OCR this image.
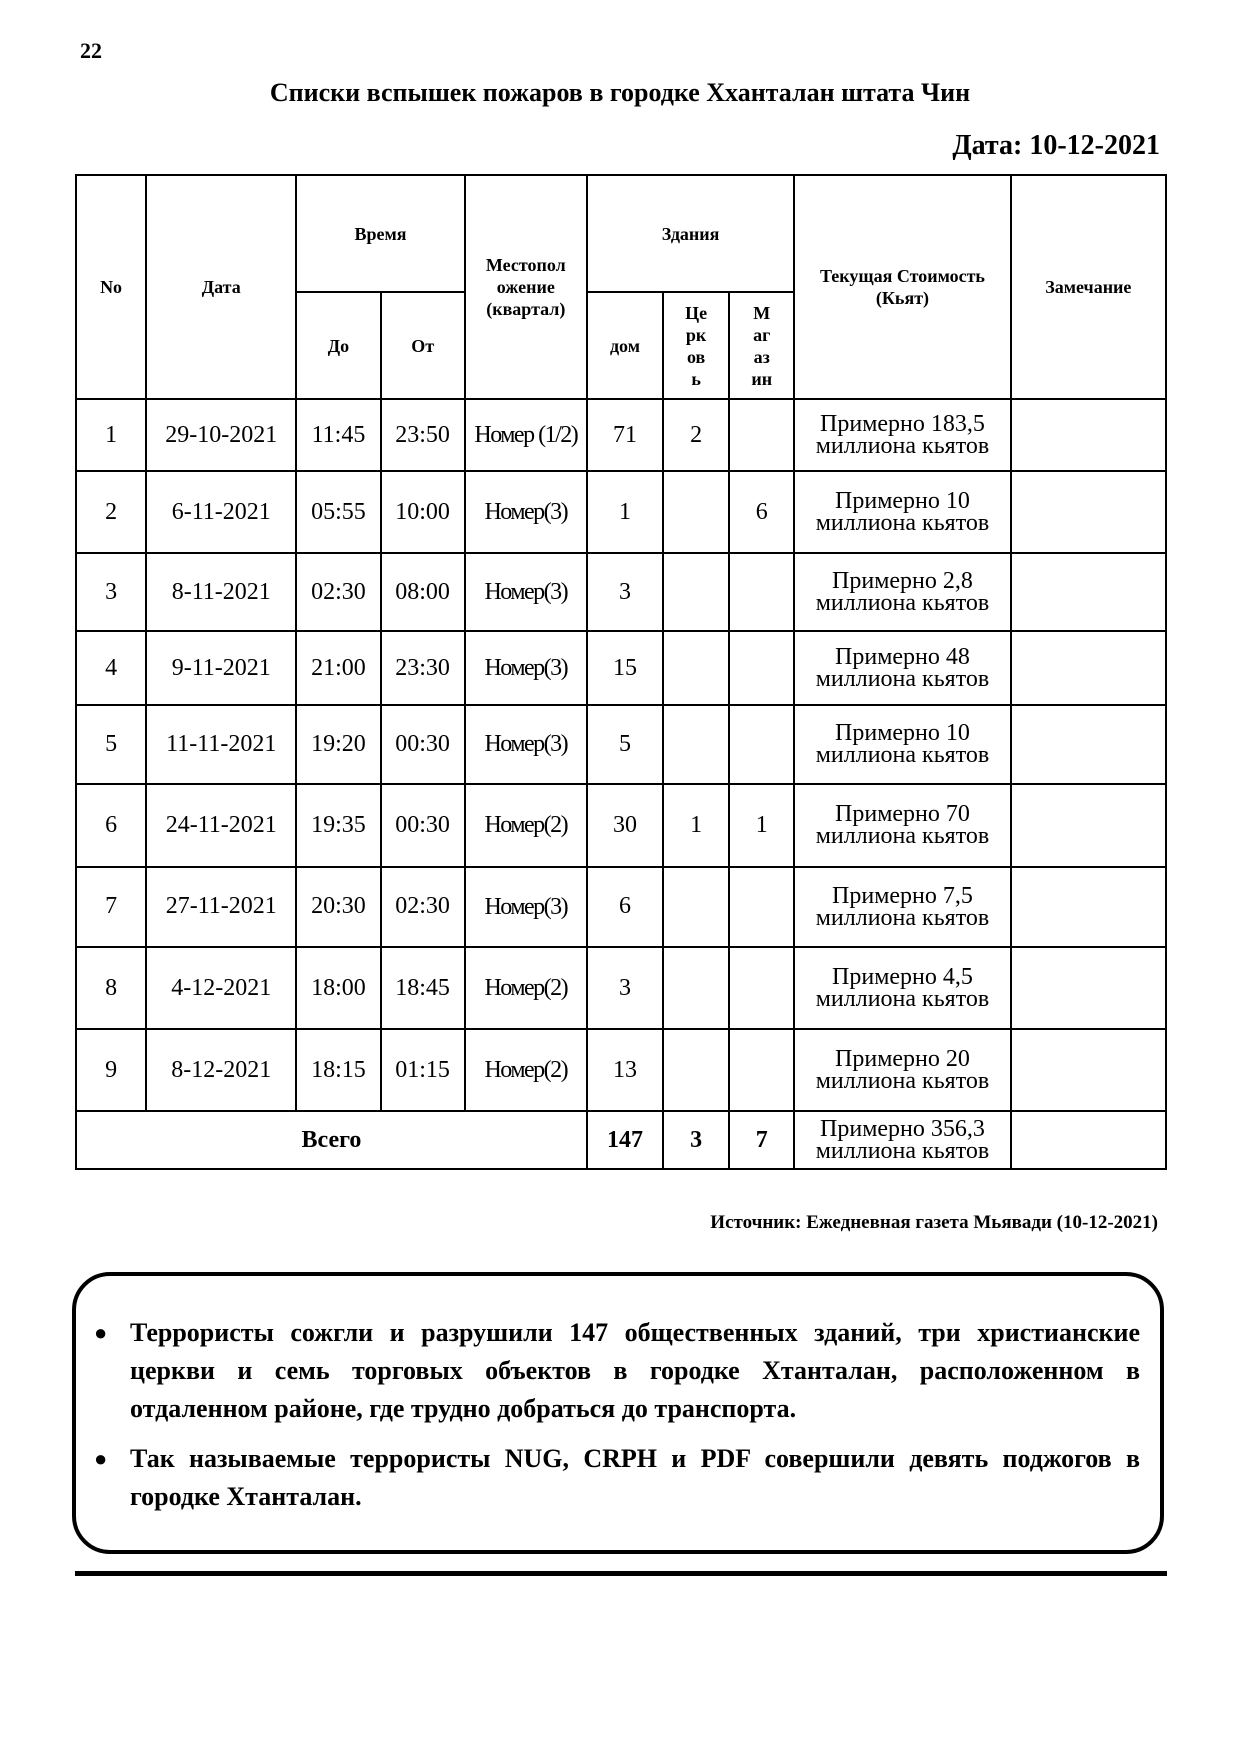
22
Списки вспышек пожаров в городке Хханталан штата Чин
Дата: 10-12-2021
No	Дата	Время		Местопол ожение (квартал)	Здания			Текущая Стоимость (Кьят)	Замечание
		До	От		дом	Це
рк
ов
ь	М
аг
аз
ин		
1	29-10-2021	11:45	23:50	Номер (1/2)	71	2		Примерно 183,5
миллиона кьятов	
2	6-11-2021	05:55	10:00	Номер(3)	1		6	Примерно 10
миллиона кьятов	
3	8-11-2021	02:30	08:00	Номер(3)	3			Примерно 2,8
миллиона кьятов	
4	9-11-2021	21:00	23:30	Номер(3)	15			Примерно 48
миллиона кьятов	
5	11-11-2021	19:20	00:30	Номер(3)	5			Примерно 10
миллиона кьятов	
6	24-11-2021	19:35	00:30	Номер(2)	30	1	1	Примерно 70
миллиона кьятов	
7	27-11-2021	20:30	02:30	Номер(3)	6			Примерно 7,5
миллиона кьятов	
8	4-12-2021	18:00	18:45	Номер(2)	3			Примерно 4,5
миллиона кьятов	
9	8-12-2021	18:15	01:15	Номер(2)	13			Примерно 20
миллиона кьятов	
Всего					147	3	7	Примерно 356,3
миллиона кьятов	
Источник: Ежедневная газета Мьявади (10-12-2021)
● Террористы сожгли и разрушили 147 общественных зданий, три христианские церкви и семь торговых объектов в городке Хтанталан, расположенном в отдаленном районе, где трудно добраться до транспорта.
● Так называемые террористы NUG, CRPH и PDF совершили девять поджогов в городке Хтанталан.
